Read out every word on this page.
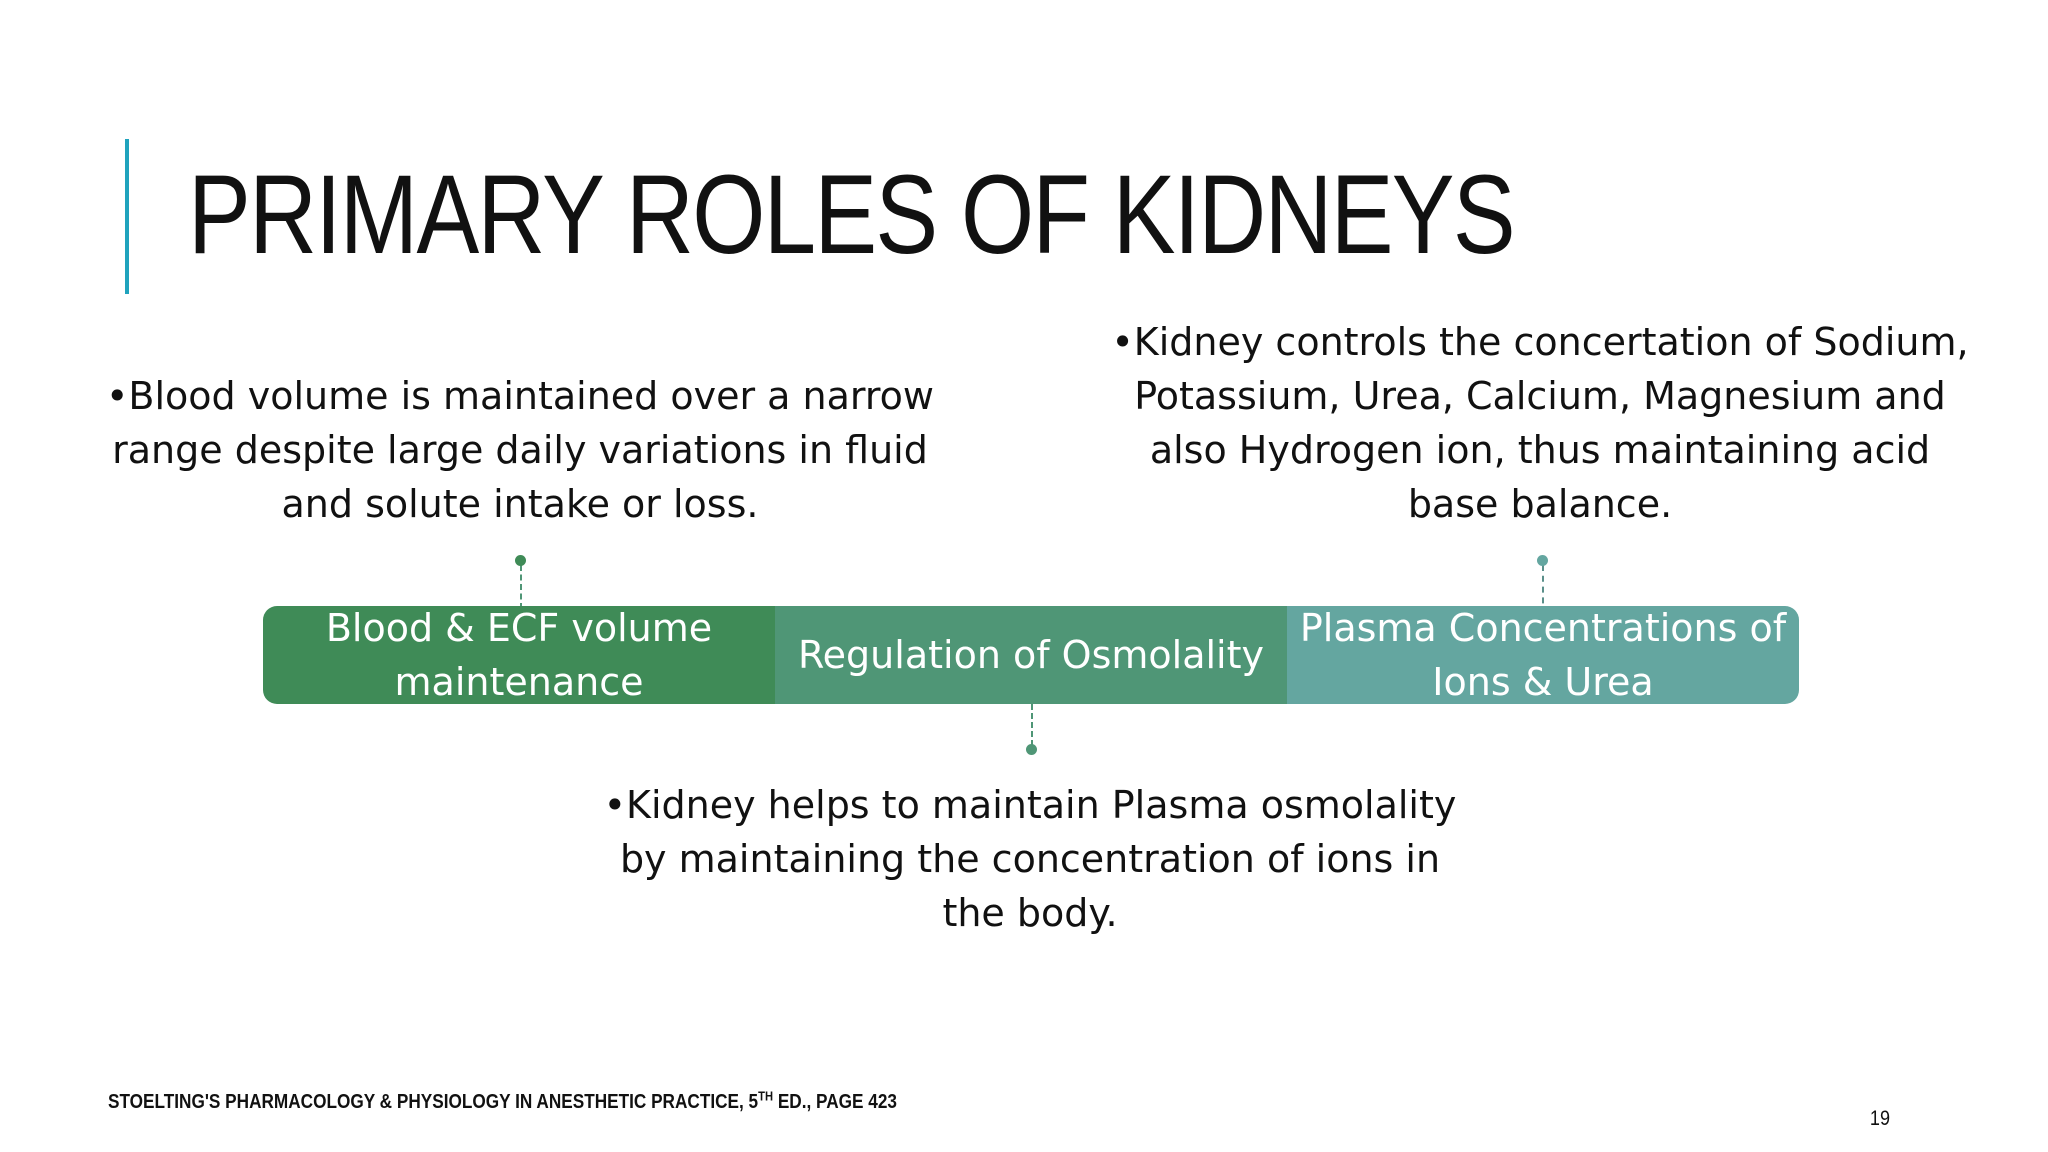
PRIMARY ROLES OF KIDNEYS
•Blood volume is maintained over a narrow range despite large daily variations in fluid and solute intake or loss.
•Kidney controls the concertation of Sodium, Potassium, Urea, Calcium, Magnesium and also Hydrogen ion, thus maintaining acid base balance.
Blood & ECF volume maintenance
Regulation of Osmolality
Plasma Concentrations of Ions & Urea
•Kidney helps to maintain Plasma osmolality by maintaining the concentration of ions in the body.
STOELTING'S PHARMACOLOGY & PHYSIOLOGY IN ANESTHETIC PRACTICE, 5TH ED., PAGE 423
19
